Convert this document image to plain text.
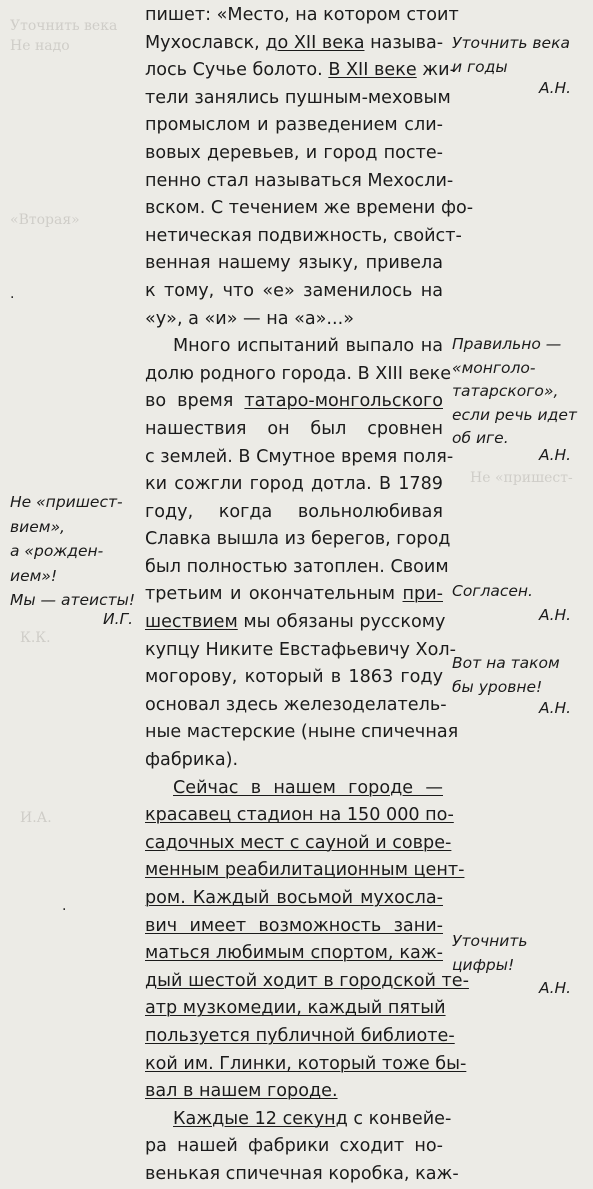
Уточнить века
Не надо
«Вторая»
Не «пришест-
И.А.
К.К.
пишет: «Место, на котором стоит
Мухославск, до XII века называ-
лось Сучье болото. В XII веке жи-
тели занялись пушным-меховым
промыслом и разведением сли-
вовых деревьев, и город посте-
пенно стал называться Мехосли-
вском. С течением же времени фо-
нетическая подвижность, свойст-
венная нашему языку, привела
к тому, что «е» заменилось на
«у», а «и» — на «а»...»
Много испытаний выпало на
долю родного города. В XIII веке
во время татаро-монгольского
нашествия он был сровнен
с землей. В Смутное время поля-
ки сожгли город дотла. В 1789
году, когда вольнолюбивая
Славка вышла из берегов, город
был полностью затоплен. Своим
третьим и окончательным при-
шествием мы обязаны русскому
купцу Никите Евстафьевичу Хол-
могорову, который в 1863 году
основал здесь железоделатель-
ные мастерские (ныне спичечная
фабрика).
Сейчас в нашем городе —
красавец стадион на 150 000 по-
садочных мест с сауной и совре-
менным реабилитационным цент-
ром. Каждый восьмой мухосла-
вич имеет возможность зани-
маться любимым спортом, каж-
дый шестой ходит в городской те-
атр музкомедии, каждый пятый
пользуется публичной библиоте-
кой им. Глинки, который тоже бы-
вал в нашем городе.
Каждые 12 секунд с конвейе-
ра нашей фабрики сходит но-
венькая спичечная коробка, каж-
Уточнить века
и годы
А.Н.
Правильно —
«монголо-
татарского»,
если речь идет
об иге.
А.Н.
Согласен.
А.Н.
Вот на таком
бы уровне!
А.Н.
Уточнить
цифры!
А.Н.
Не «пришест-
вием»,
а «рожден-
ием»!
Мы — атеисты!
И.Г.
·
·
